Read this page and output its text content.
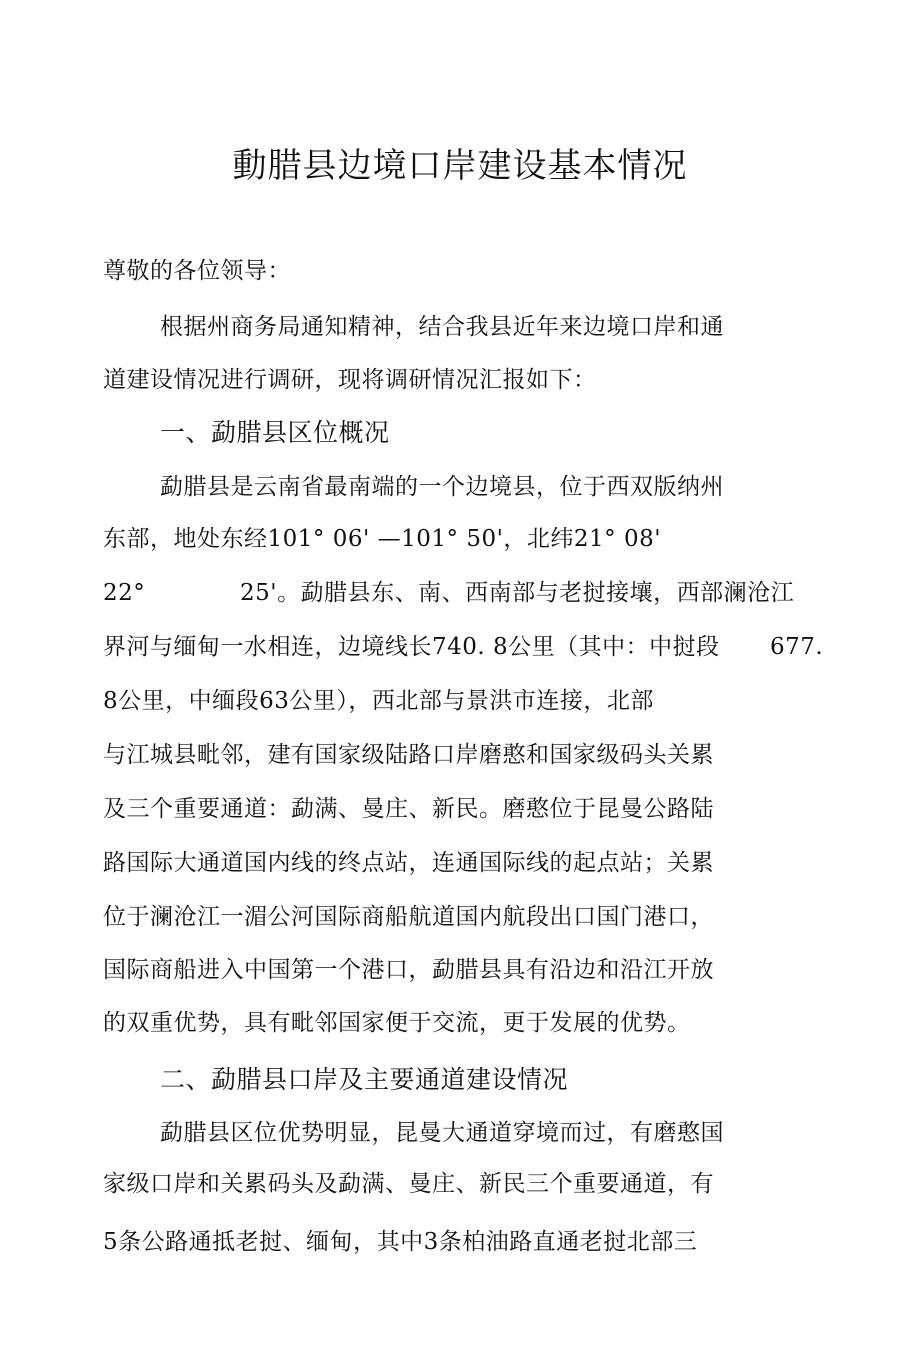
動腊县边境口岸建设基本情况
尊敬的各位领导：
根据州商务局通知精神，结合我县近年来边境口岸和通
道建设情况进行调研，现将调研情况汇报如下：
一、勐腊县区位概况
勐腊县是云南省最南端的一个边境县，位于西双版纳州
东部，地处东经101° 06' —101° 50'，北纬21° 08'
22°	25'。勐腊县东、南、西南部与老挝接壤，西部澜沧江
界河与缅甸一水相连，边境线长740. 8公里（其中：中挝段 677.
8公里，中缅段63公里），西北部与景洪市连接，北部
与江城县毗邻，建有国家级陆路口岸磨憨和国家级码头关累
及三个重要通道：勐满、曼庄、新民。磨憨位于昆曼公路陆
路国际大通道国内线的终点站，连通国际线的起点站；关累
位于澜沧江一湄公河国际商船航道国内航段出口国门港口，
国际商船进入中国第一个港口，勐腊县具有沿边和沿江开放
的双重优势，具有毗邻国家便于交流，更于发展的优势。
二、勐腊县口岸及主要通道建设情况
勐腊县区位优势明显，昆曼大通道穿境而过，有磨憨国
家级口岸和关累码头及勐满、曼庄、新民三个重要通道，有
5条公路通抵老挝、缅甸，其中3条柏油路直通老挝北部三
